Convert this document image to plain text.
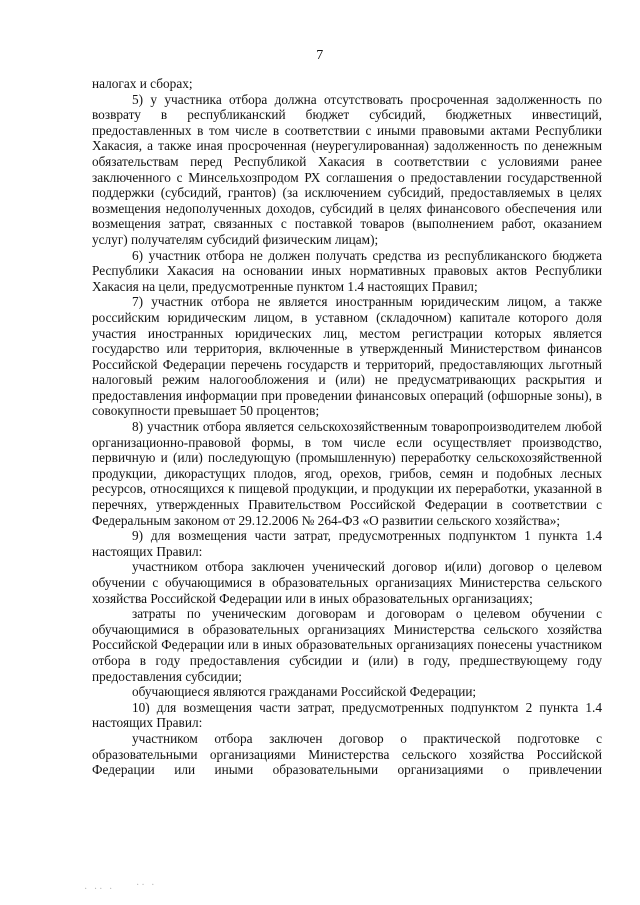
7

налогах и сборах;

5) у участника отбора должна отсутствовать просроченная задолженность по возврату в республиканский бюджет субсидий, бюджетных инвестиций, предоставленных в том числе в соответствии с иными правовыми актами Республики Хакасия, а также иная просроченная (неурегулированная) задолженность по денежным обязательствам перед Республикой Хакасия в соответствии с условиями ранее заключенного с Минсельхозпродом РХ соглашения о предоставлении государственной поддержки (субсидий, грантов) (за исключением субсидий, предоставляемых в целях возмещения недополученных доходов, субсидий в целях финансового обеспечения или возмещения затрат, связанных с поставкой товаров (выполнением работ, оказанием услуг) получателям субсидий физическим лицам);

6) участник отбора не должен получать средства из республиканского бюджета Республики Хакасия на основании иных нормативных правовых актов Республики Хакасия на цели, предусмотренные пунктом 1.4 настоящих Правил;

7) участник отбора не является иностранным юридическим лицом, а также российским юридическим лицом, в уставном (складочном) капитале которого доля участия иностранных юридических лиц, местом регистрации которых является государство или территория, включенные в утвержденный Министерством финансов Российской Федерации перечень государств и территорий, предоставляющих льготный налоговый режим налогообложения и (или) не предусматривающих раскрытия и предоставления информации при проведении финансовых операций (офшорные зоны), в совокупности превышает 50 процентов;

8) участник отбора является сельскохозяйственным товаропроизводителем любой организационно-правовой формы, в том числе если осуществляет производство, первичную и (или) последующую (промышленную) переработку сельскохозяйственной продукции, дикорастущих плодов, ягод, орехов, грибов, семян и подобных лесных ресурсов, относящихся к пищевой продукции, и продукции их переработки, указанной в перечнях, утвержденных Правительством Российской Федерации в соответствии с Федеральным законом от 29.12.2006 № 264-ФЗ «О развитии сельского хозяйства»;

9) для возмещения части затрат, предусмотренных подпунктом 1 пункта 1.4 настоящих Правил:

участником отбора заключен ученический договор и(или) договор о целевом обучении с обучающимися в образовательных организациях Министерства сельского хозяйства Российской Федерации или в иных образовательных организациях;

затраты по ученическим договорам и договорам о целевом обучении с обучающимися в образовательных организациях Министерства сельского хозяйства Российской Федерации или в иных образовательных организациях понесены участником отбора в году предоставления субсидии и (или) в году, предшествующему году предоставления субсидии;

обучающиеся являются гражданами Российской Федерации;

10) для возмещения части затрат, предусмотренных подпунктом 2 пункта 1.4 настоящих Правил:

участником отбора заключен договор о практической подготовке с образовательными организациями Министерства сельского хозяйства Российской Федерации или иными образовательными организациями о привлечении

· ·· · ·· ·
